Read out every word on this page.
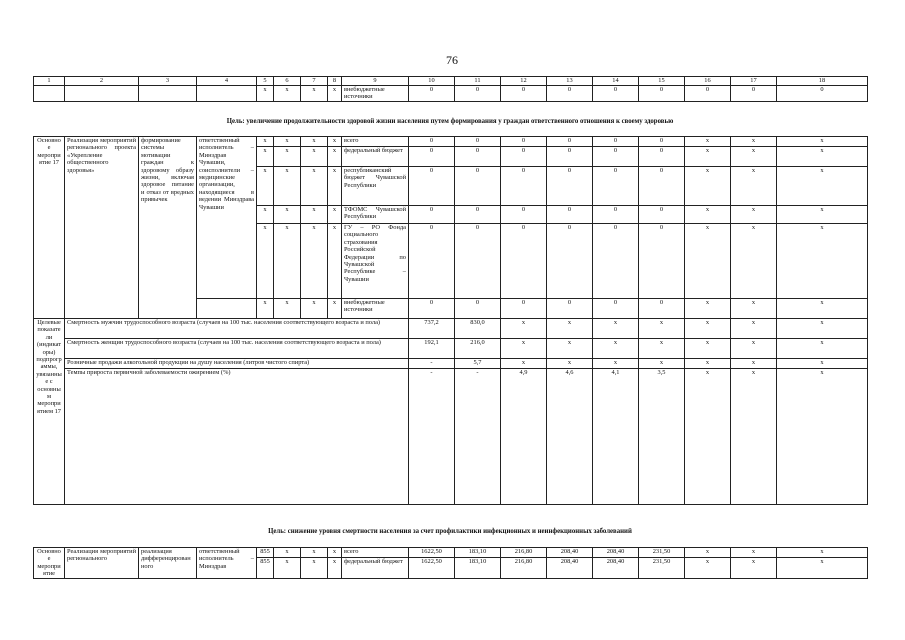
76
1	2	3	4	5	6	7	8	9	10	11	12	13	14	15	16	17	18
				x	x	x	x	внебюджетные источники	0	0	0	0	0	0	0	0	0
Цель: увеличение продолжительности здоровой жизни населения путем формирования у граждан ответственного отношения к своему здоровью
Основное мероприятие 17	Реализация мероприятий регионального проекта «Укрепление общественного здоровья»	формирование системы мотивации граждан к здоровому образу жизни, включая здоровое питание и отказ от вредных привычек	ответственный исполнитель – Минздрав Чувашии, соисполнители – медицинские организации, находящиеся в ведении Минздрава Чувашии	x	x	x	x	всего	0	0	0	0	0	0	x	x	x
				x	x	x	x	федеральный бюджет	0	0	0	0	0	0	x	x	x
				x	x	x	x	республиканский бюджет Чувашской Республики	0	0	0	0	0	0	x	x	x
				x	x	x	x	ТФОМС Чувашской Республики	0	0	0	0	0	0	x	x	x
				x	x	x	x	ГУ – РО Фонда социального страхования Российской Федерации по Чувашской Республике – Чувашии	0	0	0	0	0	0	x	x	x
				x	x	x	x	внебюджетные источники	0	0	0	0	0	0	x	x	x
Целевые показатели (индикаторы) подпрограммы, увязанные с основным мероприятием 17	Смертность мужчин трудоспособного возраста (случаев на 100 тыс. населения соответствующего возраста и пола)								737,2	830,0	x	x	x	x	x	x	x
	Смертность женщин трудоспособного возраста (случаев на 100 тыс. населения соответствующего возраста и пола)								192,1	216,0	x	x	x	x	x	x	x
	Розничные продажи алкогольной продукции на душу населения (литров чистого спирта)								-	5,7	x	x	x	x	x	x	x
	Темпы прироста первичной заболеваемости ожирением (%)								-	-	4,9	4,6	4,1	3,5	x	x	x
Цель: снижение уровня смертности населения за счет профилактики инфекционных и неинфекционных заболеваний
Основное мероприятие	Реализация мероприятий регионального	реализация дифференцированного	ответственный исполнитель – Минздрав	855	x	x	x	всего	1622,50	183,10	216,80	208,40	208,40	231,50	x	x	x
				855	x	x	x	федеральный бюджет	1622,50	183,10	216,80	208,40	208,40	231,50	x	x	x
